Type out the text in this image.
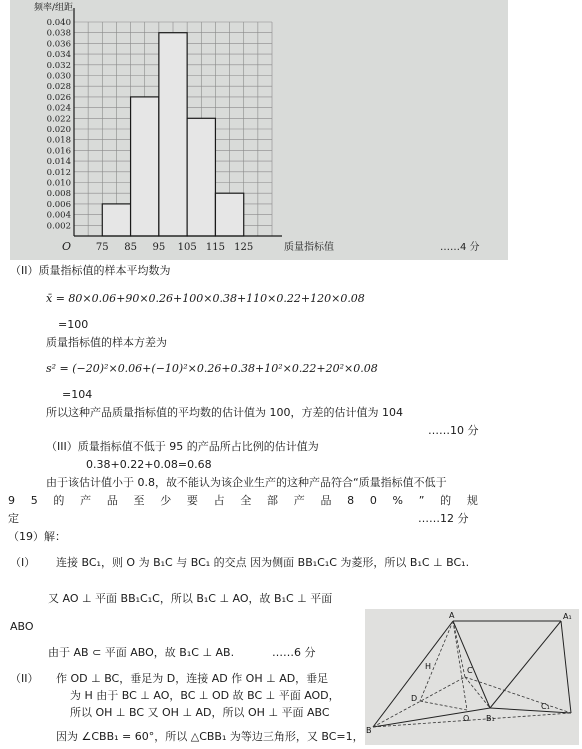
0.002
0.004
0.006
0.008
0.010
0.012
0.014
0.016
0.018
0.020
0.022
0.024
0.026
0.028
0.030
0.032
0.034
0.036
0.038
0.040
75 85 95 105 115 125
O
频率/组距
质量指标值	……4 分
（II）质量指标值的样本平均数为
x̄ = 80×0.06+90×0.26+100×0.38+110×0.22+120×0.08
=100
质量指标值的样本方差为
s² = (−20)²×0.06+(−10)²×0.26+0.38+10²×0.22+20²×0.08
=104
所以这种产品质量指标值的平均数的估计值为 100，方差的估计值为 104
……10 分
（III）质量指标值不低于 95 的产品所占比例的估计值为
0.38+0.22+0.08=0.68
由于该估计值小于 0.8，故不能认为该企业生产的这种产品符合“质量指标值不低于
9 5 的 产 品 至 少 要 占 全 部 产 品 8 0 % ” 的 规
定	……12 分
（19）解：
（I） 连接 BC₁，则 O 为 B₁C 与 BC₁ 的交点 因为侧面 BB₁C₁C 为菱形，所以 B₁C ⊥ BC₁.
又 AO ⊥ 平面 BB₁C₁C，所以 B₁C ⊥ AO，故 B₁C ⊥ 平面
ABO
由于 AB ⊂ 平面 ABO，故 B₁C ⊥ AB.	……6 分
（II） 作 OD ⊥ BC，垂足为 D，连接 AD 作 OH ⊥ AD，垂足
为 H 由于 BC ⊥ AO，BC ⊥ OD 故 BC ⊥ 平面 AOD，
所以 OH ⊥ BC 又 OH ⊥ AD，所以 OH ⊥ 平面 ABC
因为 ∠CBB₁ = 60°，所以 △CBB₁ 为等边三角形，又 BC=1，
A	A₁
B
B₁
C
C₁
D
H
O
